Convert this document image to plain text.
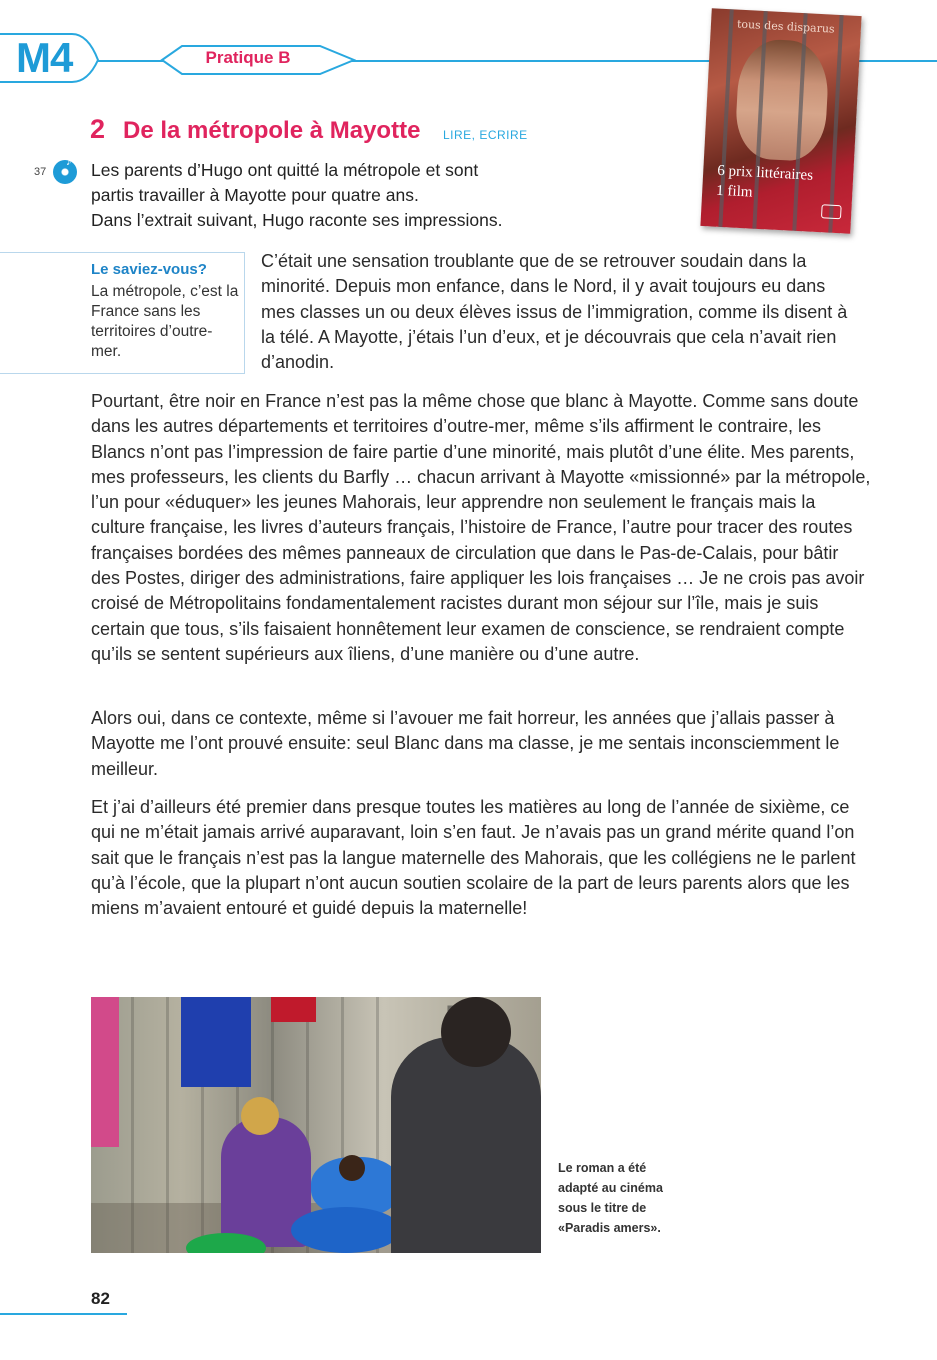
M4	Pratique B
tous des disparus
6 prix littéraires
1 film
2 De la métropole à Mayotte LIRE, ECRIRE
37
♪ Les parents d’Hugo ont quitté la métropole et sont
partis travailler à Mayotte pour quatre ans.
Dans l’extrait suivant, Hugo raconte ses impressions.
Le saviez-vous?
La métropole, c’est la France sans les territoires d’outre-mer.
C’était une sensation troublante que de se retrouver soudain dans la minorité. Depuis mon enfance, dans le Nord, il y avait toujours eu dans mes classes un ou deux élèves issus de l’immigration, comme ils disent à la télé. A Mayotte, j’étais l’un d’eux, et je découvrais que cela n’avait rien d’anodin.
Pourtant, être noir en France n’est pas la même chose que blanc à Mayotte. Comme sans doute dans les autres départements et territoires d’outre-mer, même s’ils affirment le contraire, les Blancs n’ont pas l’impression de faire partie d’une minorité, mais plutôt d’une élite. Mes parents, mes professeurs, les clients du Barfly … chacun arrivant à Mayotte «missionné» par la métropole, l’un pour «éduquer» les jeunes Mahorais, leur apprendre non seulement le français mais la culture française, les livres d’auteurs français, l’histoire de France, l’autre pour tracer des routes françaises bordées des mêmes panneaux de circulation que dans le Pas-de-Calais, pour bâtir des Postes, diriger des administrations, faire appliquer les lois françaises … Je ne crois pas avoir croisé de Métropolitains fondamentalement racistes durant mon séjour sur l’île, mais je suis certain que tous, s’ils faisaient honnêtement leur examen de conscience, se rendraient compte qu’ils se sentent supérieurs aux îliens, d’une manière ou d’une autre.
Alors oui, dans ce contexte, même si l’avouer me fait horreur, les années que j’allais passer à Mayotte me l’ont prouvé ensuite: seul Blanc dans ma classe, je me sentais inconsciemment le meilleur.
Et j’ai d’ailleurs été premier dans presque toutes les matières au long de l’année de sixième, ce qui ne m’était jamais arrivé auparavant, loin s’en faut. Je n’avais pas un grand mérite quand l’on sait que le français n’est pas la langue maternelle des Mahorais, que les collégiens ne le parlent qu’à l’école, que la plupart n’ont aucun soutien scolaire de la part de leurs parents alors que les miens m’avaient entouré et guidé depuis la maternelle!
Le roman a été adapté au cinéma sous le titre de «Paradis amers».
82
